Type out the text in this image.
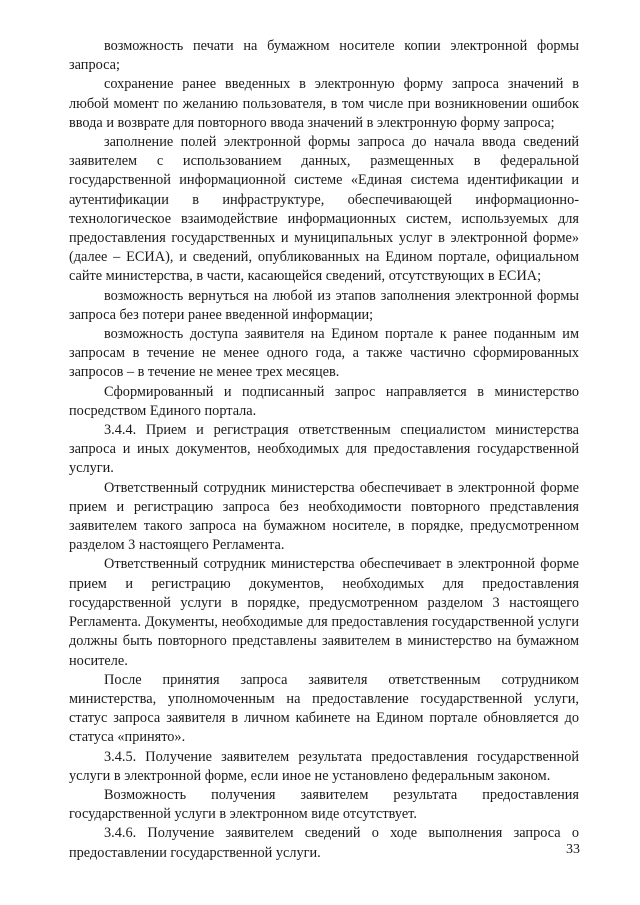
возможность печати на бумажном носителе копии электронной формы запроса;

сохранение ранее введенных в электронную форму запроса значений в любой момент по желанию пользователя, в том числе при возникновении ошибок ввода и возврате для повторного ввода значений в электронную форму запроса;

заполнение полей электронной формы запроса до начала ввода сведений заявителем с использованием данных, размещенных в федеральной государственной информационной системе «Единая система идентификации и аутентификации в инфраструктуре, обеспечивающей информационно-технологическое взаимодействие информационных систем, используемых для предоставления государственных и муниципальных услуг в электронной форме» (далее – ЕСИА), и сведений, опубликованных на Едином портале, официальном сайте министерства, в части, касающейся сведений, отсутствующих в ЕСИА;

возможность вернуться на любой из этапов заполнения электронной формы запроса без потери ранее введенной информации;

возможность доступа заявителя на Едином портале к ранее поданным им запросам в течение не менее одного года, а также частично сформированных запросов – в течение не менее трех месяцев.

Сформированный и подписанный запрос направляется в министерство посредством Единого портала.

3.4.4. Прием и регистрация ответственным специалистом министерства запроса и иных документов, необходимых для предоставления государственной услуги.

Ответственный сотрудник министерства обеспечивает в электронной форме прием и регистрацию запроса без необходимости повторного представления заявителем такого запроса на бумажном носителе, в порядке, предусмотренном разделом 3 настоящего Регламента.

Ответственный сотрудник министерства обеспечивает в электронной форме прием и регистрацию документов, необходимых для предоставления государственной услуги в порядке, предусмотренном разделом 3 настоящего Регламента. Документы, необходимые для предоставления государственной услуги должны быть повторного представлены заявителем в министерство на бумажном носителе.

После принятия запроса заявителя ответственным сотрудником министерства, уполномоченным на предоставление государственной услуги, статус запроса заявителя в личном кабинете на Едином портале обновляется до статуса «принято».

3.4.5. Получение заявителем результата предоставления государственной услуги в электронной форме, если иное не установлено федеральным законом.

Возможность получения заявителем результата предоставления государственной услуги в электронном виде отсутствует.

3.4.6. Получение заявителем сведений о ходе выполнения запроса о предоставлении государственной услуги.	33
